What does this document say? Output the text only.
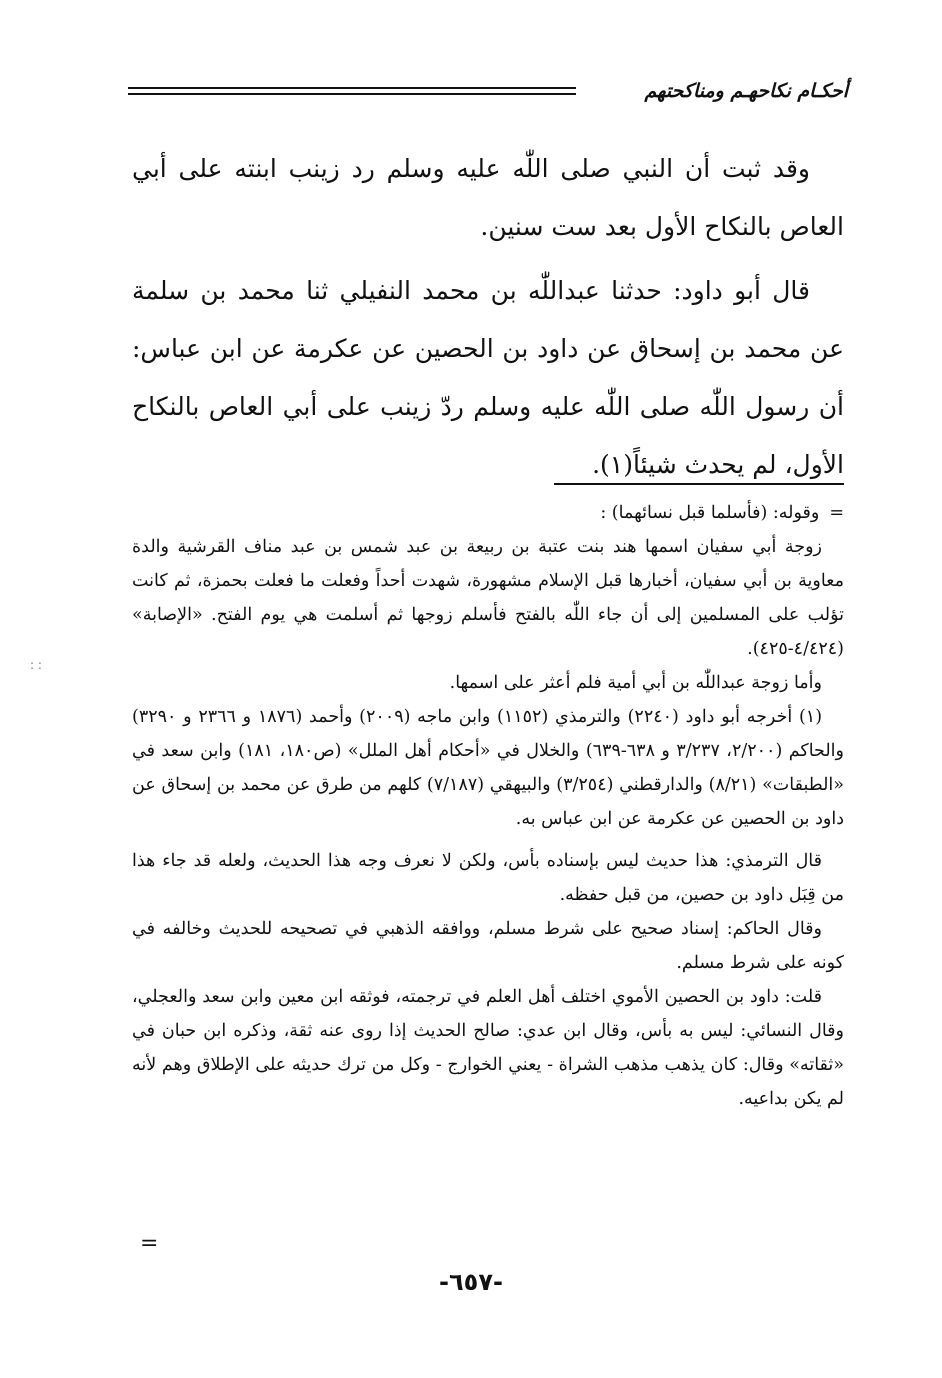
أحكـام نكاحهـم ومناكحتهم

وقد ثبت أن النبي صلى اللّٰه عليه وسلم رد زينب ابنته على أبي العاص بالنكاح الأول بعد ست سنين.

قال أبو داود: حدثنا عبداللّٰه بن محمد النفيلي ثنا محمد بن سلمة عن محمد بن إسحاق عن داود بن الحصين عن عكرمة عن ابن عباس: أن رسول اللّٰه صلى اللّٰه عليه وسلم ردّ زينب على أبي العاص بالنكاح الأول، لم يحدث شيئاً(١).

=وقوله: (فأسلما قبل نسائهما) :

زوجة أبي سفيان اسمها هند بنت عتبة بن ربيعة بن عبد شمس بن عبد مناف القرشية والدة معاوية بن أبي سفيان، أخبارها قبل الإسلام مشهورة، شهدت أحداً وفعلت ما فعلت بحمزة، ثم كانت تؤلب على المسلمين إلى أن جاء اللّٰه بالفتح فأسلم زوجها ثم أسلمت هي يوم الفتح. «الإصابة» (٤/٤٢٤-٤٢٥).

وأما زوجة عبداللّٰه بن أبي أمية فلم أعثر على اسمها.

(١) أخرجه أبو داود (٢٢٤٠) والترمذي (١١٥٢) وابن ماجه (٢٠٠٩) وأحمد (١٨٧٦ و ٢٣٦٦ و ٣٢٩٠) والحاكم (٢/٢٠٠، ٣/٢٣٧ و ٦٣٨-٦٣٩) والخلال في «أحكام أهل الملل» (ص١٨٠، ١٨١) وابن سعد في «الطبقات» (٨/٢١) والدارقطني (٣/٢٥٤) والبيهقي (٧/١٨٧) كلهم من طرق عن محمد بن إسحاق عن داود بن الحصين عن عكرمة عن ابن عباس به.

قال الترمذي: هذا حديث ليس بإسناده بأس، ولكن لا نعرف وجه هذا الحديث، ولعله قد جاء هذا من قِبَل داود بن حصين، من قبل حفظه.

وقال الحاكم: إسناد صحيح على شرط مسلم، ووافقه الذهبي في تصحيحه للحديث وخالفه في كونه على شرط مسلم.

قلت: داود بن الحصين الأموي اختلف أهل العلم في ترجمته، فوثقه ابن معين وابن سعد والعجلي، وقال النسائي: ليس به بأس، وقال ابن عدي: صالح الحديث إذا روى عنه ثقة، وذكره ابن حبان في «ثقاته» وقال: كان يذهب مذهب الشراة - يعني الخوارج - وكل من ترك حديثه على الإطلاق وهم لأنه لم يكن بداعيه.

=
-٦٥٧-
: :
